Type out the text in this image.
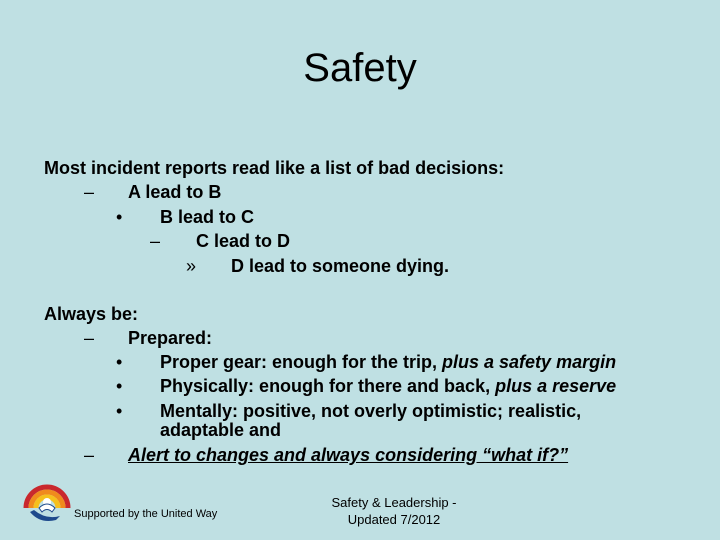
Safety
Most incident reports read like a list of bad decisions:
– A lead to B
• B lead to C
– C lead to D
» D lead to someone dying.
Always be:
– Prepared:
• Proper gear: enough for the trip, plus a safety margin
• Physically: enough for there and back, plus a reserve
• Mentally: positive, not overly optimistic; realistic,
adaptable and
– Alert to changes and always considering “what if?”
Supported by the United Way
Safety & Leadership -
Updated 7/2012
